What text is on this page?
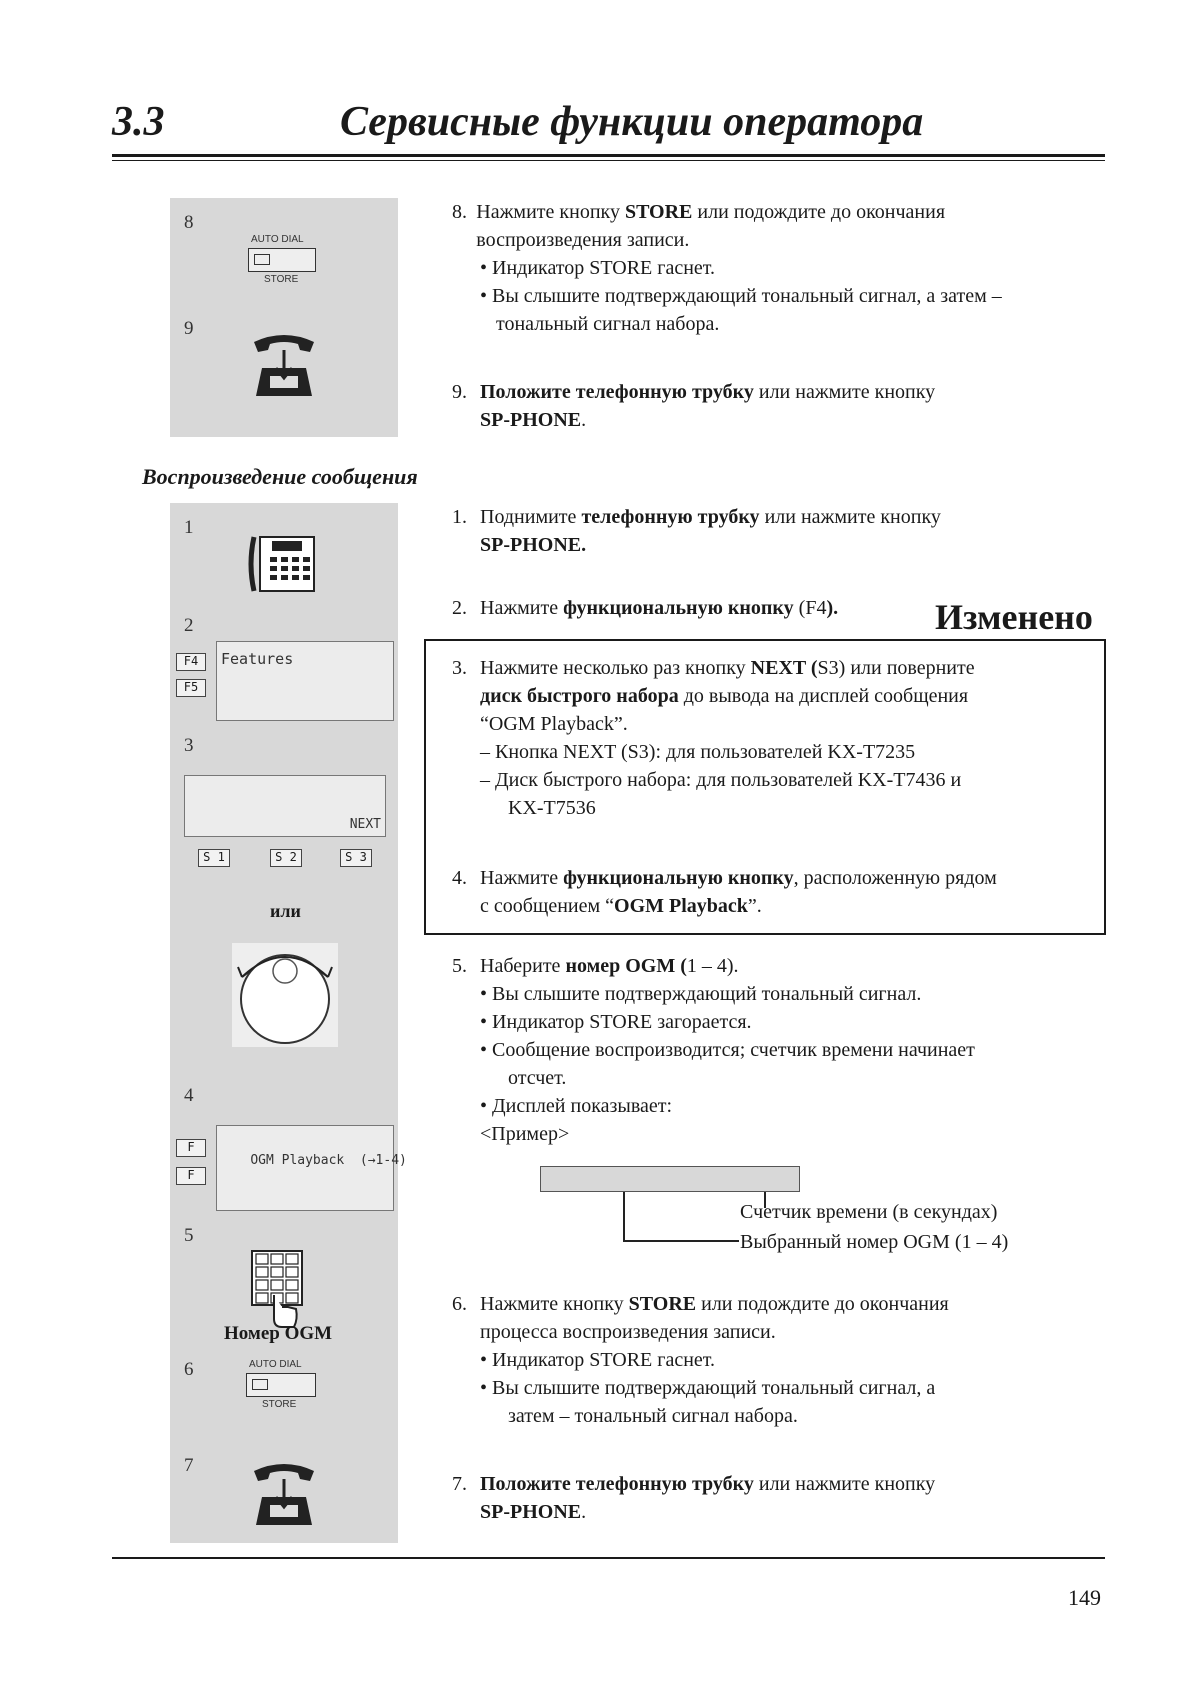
3.3	Сервисные функции оператора
8
AUTO DIAL
STORE
9
8. Нажмите кнопку STORE или подождите до окончания воспроизведения записи.
• Индикатор STORE гаснет.
• Вы слышите подтверждающий тональный сигнал, а затем – тональный сигнал набора.
9. Положите телефонную трубку или нажмите кнопку
SP-PHONE.
Воспроизведение сообщения
1
2
F4
F5
Features
3
NEXT
S 1	S 2	S 3
или
4
F
F

OGM Playback  (→1-4)

5
Номер OGM
6	AUTO DIAL
STORE
7
1. Поднимите телефонную трубку или нажмите кнопку
SP-PHONE.
2. Нажмите функциональную кнопку (F4).	Изменено
3. Нажмите несколько раз кнопку NEXT (S3) или поверните
диск быстрого набора до вывода на дисплей сообщения
“OGM Playback”.
– Кнопка NEXT (S3): для пользователей KX-T7235
– Диск быстрого набора: для пользователей KX-T7436 и
KX-T7536
4. Нажмите функциональную кнопку, расположенную рядом
с сообщением “OGM Playback”.
5. Наберите номер OGM (1 – 4).
• Вы слышите подтверждающий тональный сигнал.
• Индикатор STORE загорается.
• Сообщение воспроизводится; счетчик времени начинает
отсчет.
• Дисплей показывает:
<Пример>
Счетчик времени (в секундах)
Выбранный номер OGM (1 – 4)
6. Нажмите кнопку STORE или подождите до окончания
процесса воспроизведения записи.
• Индикатор STORE гаснет.
• Вы слышите подтверждающий тональный сигнал, а
затем – тональный сигнал набора.
7. Положите телефонную трубку или нажмите кнопку
SP-PHONE.
149
